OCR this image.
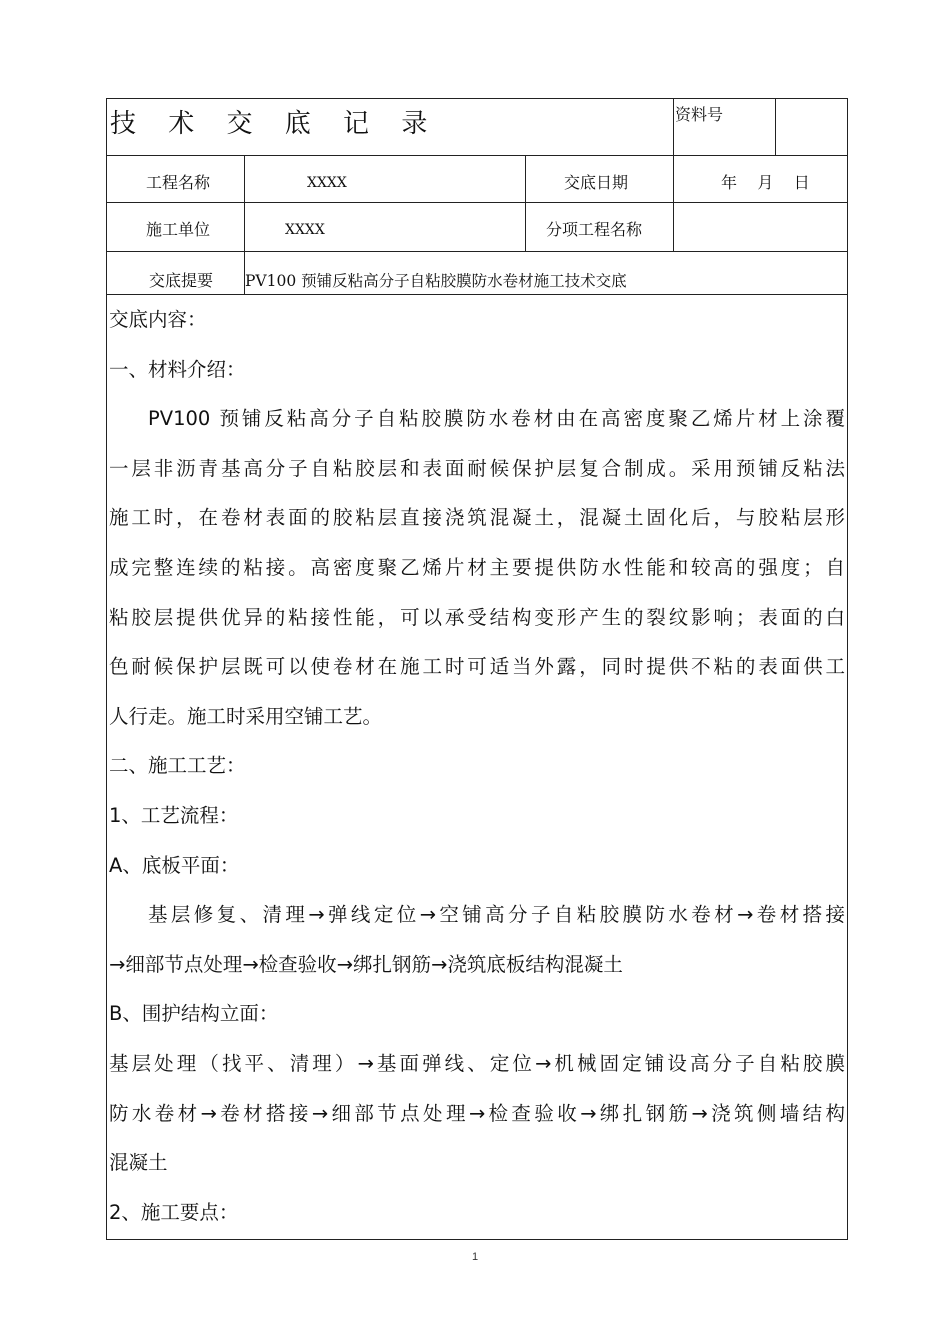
技 术 交 底 记 录	资料号
工程名称	XXXX	交底日期	年    月    日
施工单位	XXXX	分项工程名称
交底提要 PV100 预铺反粘高分子自粘胶膜防水卷材施工技术交底
交底内容：
一、材料介绍：
PV100 预铺反粘高分子自粘胶膜防水卷材由在高密度聚乙烯片材上涂覆
一层非沥青基高分子自粘胶层和表面耐候保护层复合制成。采用预铺反粘法
施工时，在卷材表面的胶粘层直接浇筑混凝土，混凝土固化后，与胶粘层形
成完整连续的粘接。高密度聚乙烯片材主要提供防水性能和较高的强度；自
粘胶层提供优异的粘接性能，可以承受结构变形产生的裂纹影响；表面的白
色耐候保护层既可以使卷材在施工时可适当外露，同时提供不粘的表面供工
人行走。施工时采用空铺工艺。
二、施工工艺：
1、工艺流程：
A、底板平面：
基层修复、清理→弹线定位→空铺高分子自粘胶膜防水卷材→卷材搭接
→细部节点处理→检查验收→绑扎钢筋→浇筑底板结构混凝土
B、围护结构立面：
基层处理（找平、清理）→基面弹线、定位→机械固定铺设高分子自粘胶膜
防水卷材→卷材搭接→细部节点处理→检查验收→绑扎钢筋→浇筑侧墙结构
混凝土
2、施工要点：
1
